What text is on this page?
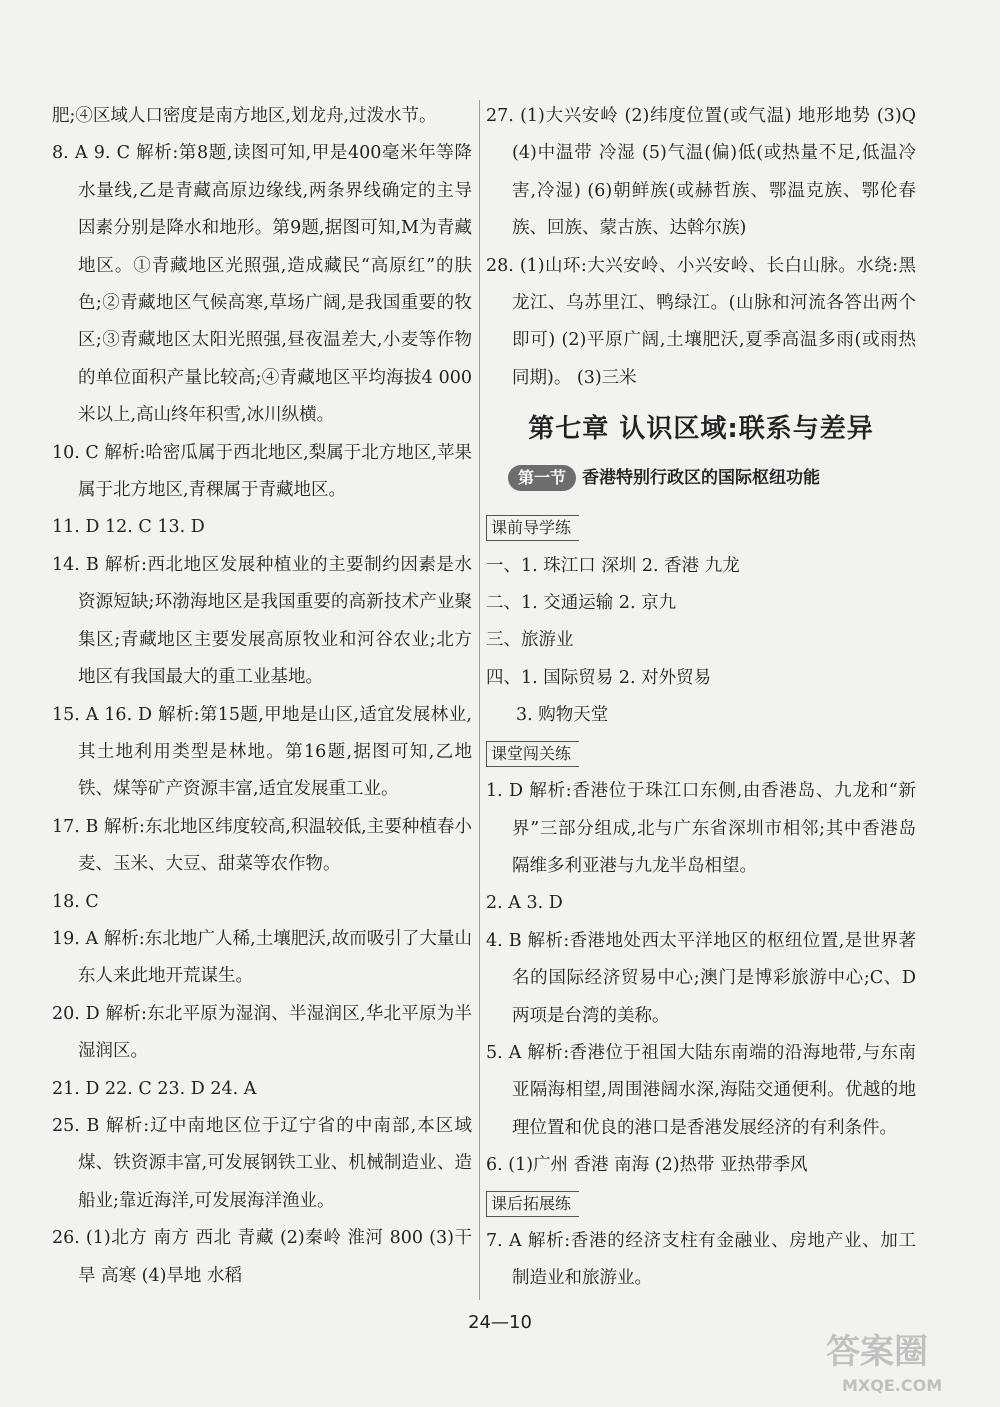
肥;④区域人口密度是南方地区,划龙舟,过泼水节。

8. A 9. C 解析:第8题,读图可知,甲是400毫米年等降水量线,乙是青藏高原边缘线,两条界线确定的主导因素分别是降水和地形。第9题,据图可知,M为青藏地区。①青藏地区光照强,造成藏民“高原红”的肤色;②青藏地区气候高寒,草场广阔,是我国重要的牧区;③青藏地区太阳光照强,昼夜温差大,小麦等作物的单位面积产量比较高;④青藏地区平均海拔4 000米以上,高山终年积雪,冰川纵横。

10. C 解析:哈密瓜属于西北地区,梨属于北方地区,苹果属于北方地区,青稞属于青藏地区。

11. D 12. C 13. D

14. B 解析:西北地区发展种植业的主要制约因素是水资源短缺;环渤海地区是我国重要的高新技术产业聚集区;青藏地区主要发展高原牧业和河谷农业;北方地区有我国最大的重工业基地。

15. A 16. D 解析:第15题,甲地是山区,适宜发展林业,其土地利用类型是林地。第16题,据图可知,乙地铁、煤等矿产资源丰富,适宜发展重工业。

17. B 解析:东北地区纬度较高,积温较低,主要种植春小麦、玉米、大豆、甜菜等农作物。

18. C

19. A 解析:东北地广人稀,土壤肥沃,故而吸引了大量山东人来此地开荒谋生。

20. D 解析:东北平原为湿润、半湿润区,华北平原为半湿润区。

21. D 22. C 23. D 24. A

25. B 解析:辽中南地区位于辽宁省的中南部,本区域煤、铁资源丰富,可发展钢铁工业、机械制造业、造船业;靠近海洋,可发展海洋渔业。

26. (1)北方 南方 西北 青藏 (2)秦岭 淮河 800 (3)干旱 高寒 (4)旱地 水稻

27. (1)大兴安岭 (2)纬度位置(或气温) 地形地势 (3)Q (4)中温带 冷湿 (5)气温(偏)低(或热量不足,低温冷害,冷湿) (6)朝鲜族(或赫哲族、鄂温克族、鄂伦春族、回族、蒙古族、达斡尔族)

28. (1)山环:大兴安岭、小兴安岭、长白山脉。水绕:黑龙江、乌苏里江、鸭绿江。(山脉和河流各答出两个即可) (2)平原广阔,土壤肥沃,夏季高温多雨(或雨热同期)。 (3)三米

第七章 认识区域:联系与差异
第一节 香港特别行政区的国际枢纽功能
课前导学练

一、1. 珠江口 深圳 2. 香港 九龙

二、1. 交通运输 2. 京九

三、旅游业

四、1. 国际贸易 2. 对外贸易

3. 购物天堂

课堂闯关练

1. D 解析:香港位于珠江口东侧,由香港岛、九龙和“新界”三部分组成,北与广东省深圳市相邻;其中香港岛隔维多利亚港与九龙半岛相望。

2. A 3. D

4. B 解析:香港地处西太平洋地区的枢纽位置,是世界著名的国际经济贸易中心;澳门是博彩旅游中心;C、D两项是台湾的美称。

5. A 解析:香港位于祖国大陆东南端的沿海地带,与东南亚隔海相望,周围港阔水深,海陆交通便利。优越的地理位置和优良的港口是香港发展经济的有利条件。

6. (1)广州 香港 南海 (2)热带 亚热带季风

课后拓展练

7. A 解析:香港的经济支柱有金融业、房地产业、加工制造业和旅游业。

24—10
答案圈
MXQE.COM
